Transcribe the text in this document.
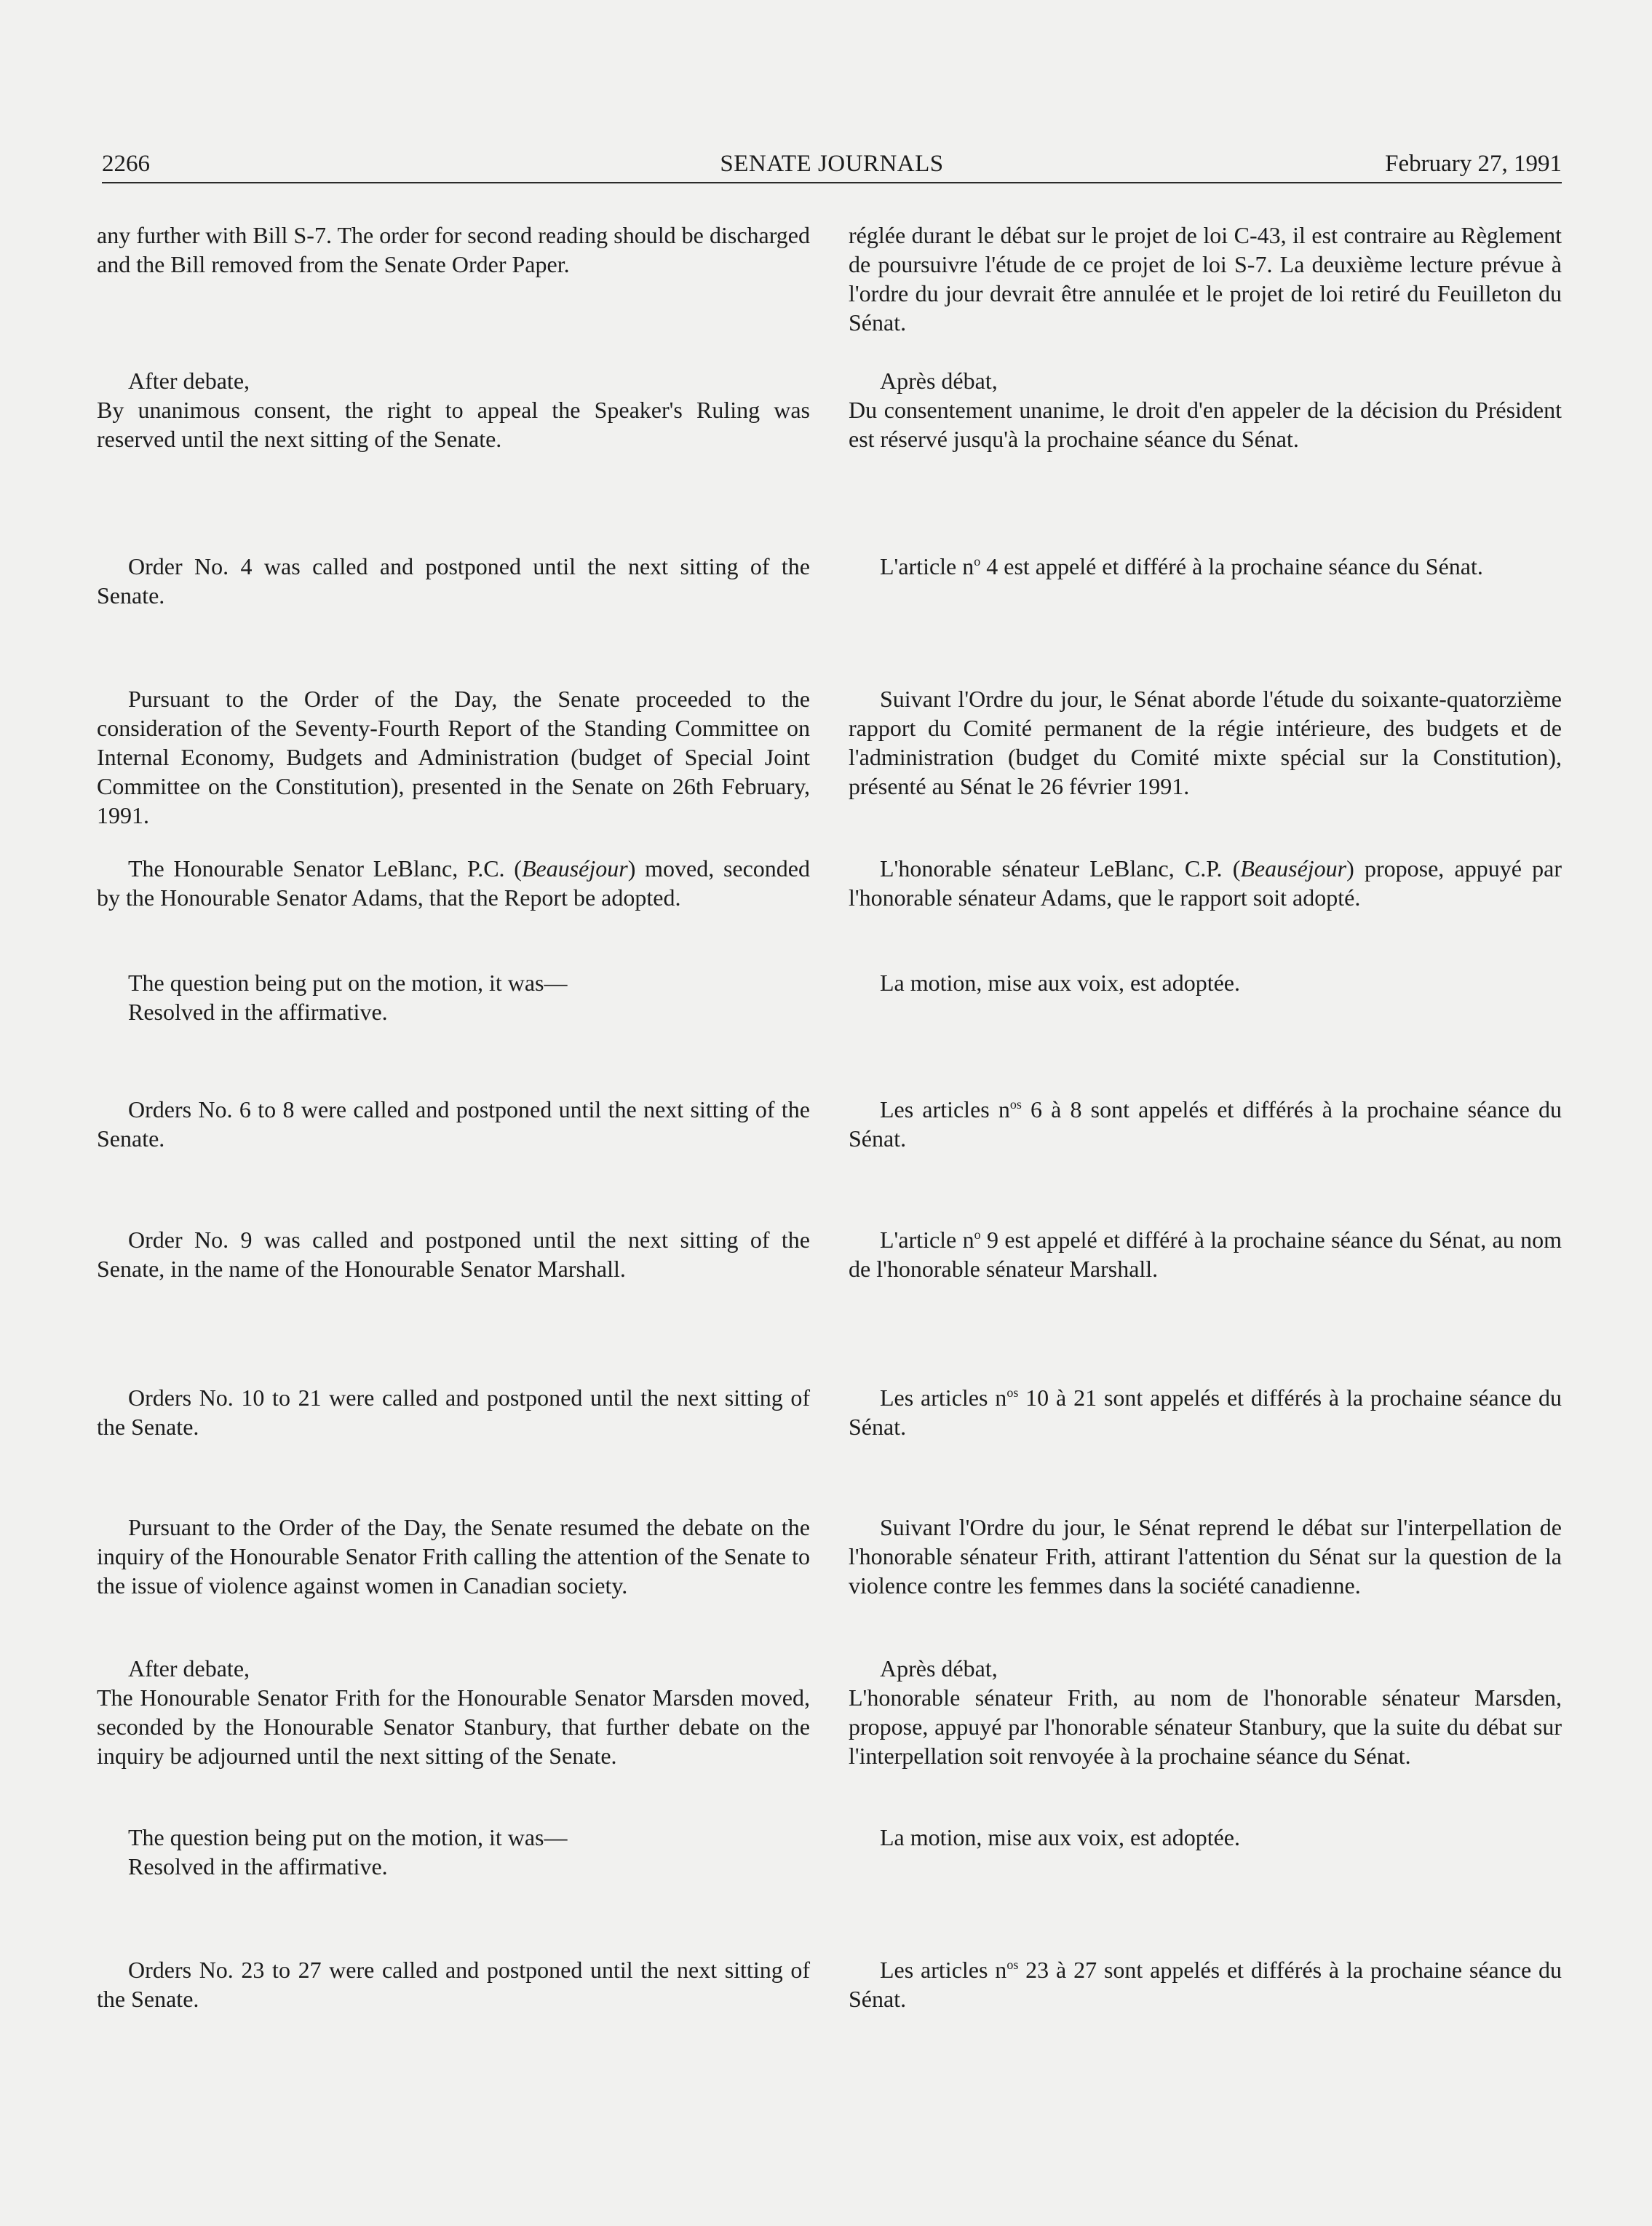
2266	SENATE JOURNALS	February 27, 1991

any further with Bill S-7. The order for second reading should be discharged and the Bill removed from the Senate Order Paper.

After debate,

By unanimous consent, the right to appeal the Speaker's Ruling was reserved until the next sitting of the Senate.

Order No. 4 was called and postponed until the next sitting of the Senate.

Pursuant to the Order of the Day, the Senate proceeded to the consideration of the Seventy-Fourth Report of the Standing Committee on Internal Economy, Budgets and Administration (budget of Special Joint Committee on the Constitution), presented in the Senate on 26th February, 1991.

The Honourable Senator LeBlanc, P.C. (Beauséjour) moved, seconded by the Honourable Senator Adams, that the Report be adopted.

The question being put on the motion, it was—

Resolved in the affirmative.

Orders No. 6 to 8 were called and postponed until the next sitting of the Senate.

Order No. 9 was called and postponed until the next sitting of the Senate, in the name of the Honourable Senator Marshall.

Orders No. 10 to 21 were called and postponed until the next sitting of the Senate.

Pursuant to the Order of the Day, the Senate resumed the debate on the inquiry of the Honourable Senator Frith calling the attention of the Senate to the issue of violence against women in Canadian society.

After debate,

The Honourable Senator Frith for the Honourable Senator Marsden moved, seconded by the Honourable Senator Stanbury, that further debate on the inquiry be adjourned until the next sitting of the Senate.

The question being put on the motion, it was—

Resolved in the affirmative.

Orders No. 23 to 27 were called and postponed until the next sitting of the Senate.

réglée durant le débat sur le projet de loi C-43, il est contraire au Règlement de poursuivre l'étude de ce projet de loi S-7. La deuxième lecture prévue à l'ordre du jour devrait être annulée et le projet de loi retiré du Feuilleton du Sénat.

Après débat,

Du consentement unanime, le droit d'en appeler de la décision du Président est réservé jusqu'à la prochaine séance du Sénat.

L'article $n^o$ 4 est appelé et différé à la prochaine séance du Sénat.

Suivant l'Ordre du jour, le Sénat aborde l'étude du soixante-quatorzième rapport du Comité permanent de la régie intérieure, des budgets et de l'administration (budget du Comité mixte spécial sur la Constitution), présenté au Sénat le 26 février 1991.

L'honorable sénateur LeBlanc, C.P. (Beauséjour) propose, appuyé par l'honorable sénateur Adams, que le rapport soit adopté.

La motion, mise aux voix, est adoptée.

Les articles $n^{os}$ 6 à 8 sont appelés et différés à la prochaine séance du Sénat.

L'article $n^o$ 9 est appelé et différé à la prochaine séance du Sénat, au nom de l'honorable sénateur Marshall.

Les articles $n^{os}$ 10 à 21 sont appelés et différés à la prochaine séance du Sénat.

Suivant l'Ordre du jour, le Sénat reprend le débat sur l'interpellation de l'honorable sénateur Frith, attirant l'attention du Sénat sur la question de la violence contre les femmes dans la société canadienne.

Après débat,

L'honorable sénateur Frith, au nom de l'honorable sénateur Marsden, propose, appuyé par l'honorable sénateur Stanbury, que la suite du débat sur l'interpellation soit renvoyée à la prochaine séance du Sénat.

La motion, mise aux voix, est adoptée.

Les articles $n^{os}$ 23 à 27 sont appelés et différés à la prochaine séance du Sénat.
